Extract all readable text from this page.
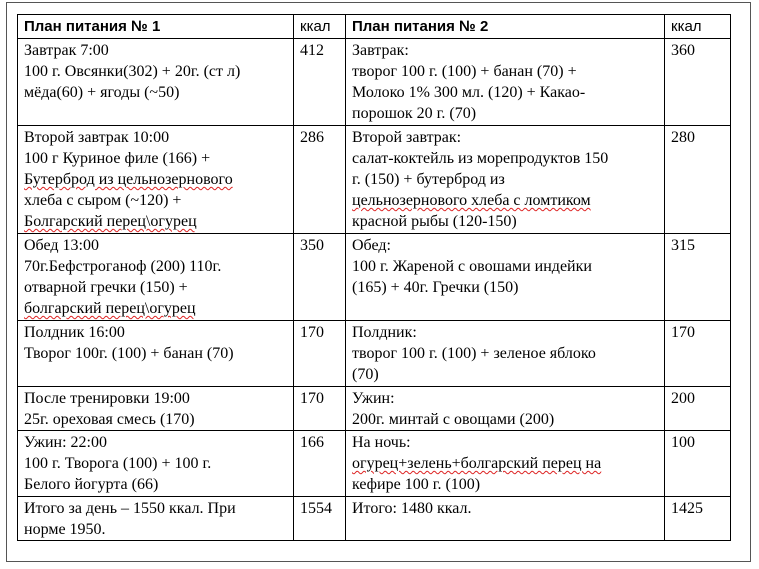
План питания № 1	ккал	План питания № 2	ккал

Завтрак 7:00
100 г. Овсянки(302) + 20г. (ст л)
мёда(60) + ягоды (~50)	412	Завтрак:
творог 100 г. (100) + банан (70) +
Молоко 1% 300 мл. (120) + Какао-
порошок 20 г. (70)	360

Второй завтрак 10:00
100 г Куриное филе (166) +
Бутерброд из цельнозернового
хлеба с сыром (~120) +
Болгарский перец\огурец	286	Второй завтрак:
салат-коктейль из морепродуктов 150
г. (150) + бутерброд из
цельнозернового хлеба с ломтиком
красной рыбы (120-150)	280

Обед 13:00
70г.Бефстроганоф (200) 110г.
отварной гречки (150) +
болгарский перец\огурец	350	Обед:
100 г. Жареной с овошами индейки
(165) + 40г. Гречки (150)	315

Полдник 16:00
Творог 100г. (100) + банан (70)	170	Полдник:
творог 100 г. (100) + зеленое яблоко
(70)	170

После тренировки 19:00
25г. ореховая смесь (170)	170	Ужин:
200г. минтай с овощами (200)	200

Ужин: 22:00
100 г. Творога (100) + 100 г.
Белого йогурта (66)	166	На ночь:
огурец+зелень+болгарский перец на
кефире 100 г. (100)	100

Итого за день – 1550 ккал. При
норме 1950.	1554	Итого: 1480 ккал.	1425
